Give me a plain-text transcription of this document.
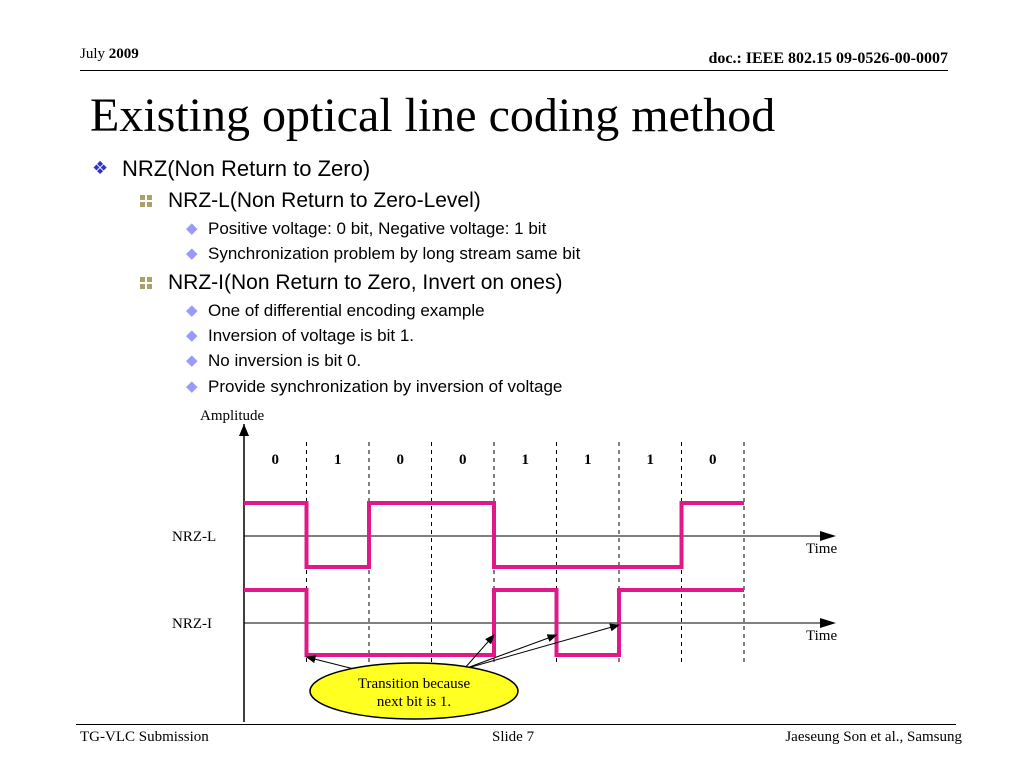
July 2009	doc.: IEEE 802.15 09-0526-00-0007
Existing optical line coding method
❖ NRZ(Non Return to Zero)
NRZ-L(Non Return to Zero-Level)
◆ Positive voltage: 0 bit, Negative voltage: 1 bit
◆ Synchronization problem by long stream same bit
NRZ-I(Non Return to Zero, Invert on ones)
◆ One of differential encoding example
◆ Inversion of voltage is bit 1.
◆ No inversion is bit 0.
◆ Provide synchronization by inversion of voltage
Amplitude
0	1	0	0	1	1	1	0
NRZ-L
Time
NRZ-I
Time
Transition because
next bit is 1.
TG-VLC Submission	Slide 7	Jaeseung Son et al., Samsung
